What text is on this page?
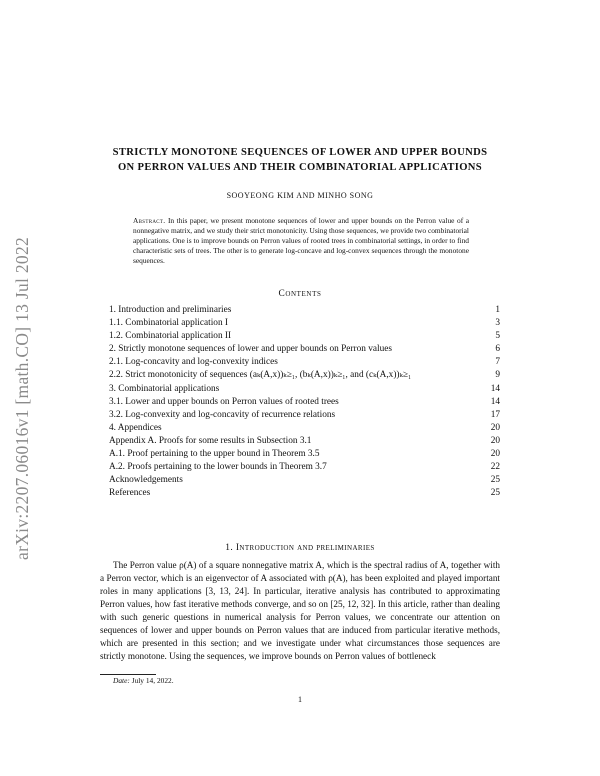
arXiv:2207.06016v1 [math.CO] 13 Jul 2022
STRICTLY MONOTONE SEQUENCES OF LOWER AND UPPER BOUNDS
ON PERRON VALUES AND THEIR COMBINATORIAL APPLICATIONS
SOOYEONG KIM AND MINHO SONG
Abstract. In this paper, we present monotone sequences of lower and upper bounds on the Perron value of a nonnegative matrix, and we study their strict monotonicity. Using those sequences, we provide two combinatorial applications. One is to improve bounds on Perron values of rooted trees in combinatorial settings, in order to find characteristic sets of trees. The other is to generate log-concave and log-convex sequences through the monotone sequences.
Contents
1. Introduction and preliminaries	1
1.1. Combinatorial application I	3
1.2. Combinatorial application II	5
2. Strictly monotone sequences of lower and upper bounds on Perron values	6
2.1. Log-concavity and log-convexity indices	7
2.2. Strict monotonicity of sequences (aₖ(A,x))ₖ≥₁, (bₖ(A,x))ₖ≥₁, and (cₖ(A,x))ₖ≥₁	9
3. Combinatorial applications	14
3.1. Lower and upper bounds on Perron values of rooted trees	14
3.2. Log-convexity and log-concavity of recurrence relations	17
4. Appendices	20
Appendix A. Proofs for some results in Subsection 3.1	20
A.1. Proof pertaining to the upper bound in Theorem 3.5	20
A.2. Proofs pertaining to the lower bounds in Theorem 3.7	22
Acknowledgements	25
References	25
1. Introduction and preliminaries

The Perron value ρ(A) of a square nonnegative matrix A, which is the spectral radius of A, together with a Perron vector, which is an eigenvector of A associated with ρ(A), has been exploited and played important roles in many applications [3, 13, 24]. In particular, iterative analysis has contributed to approximating Perron values, how fast iterative methods converge, and so on [25, 12, 32]. In this article, rather than dealing with such generic questions in numerical analysis for Perron values, we concentrate our attention on sequences of lower and upper bounds on Perron values that are induced from particular iterative methods, which are presented in this section; and we investigate under what circumstances those sequences are strictly monotone. Using the sequences, we improve bounds on Perron values of bottleneck

Date: July 14, 2022.
1
